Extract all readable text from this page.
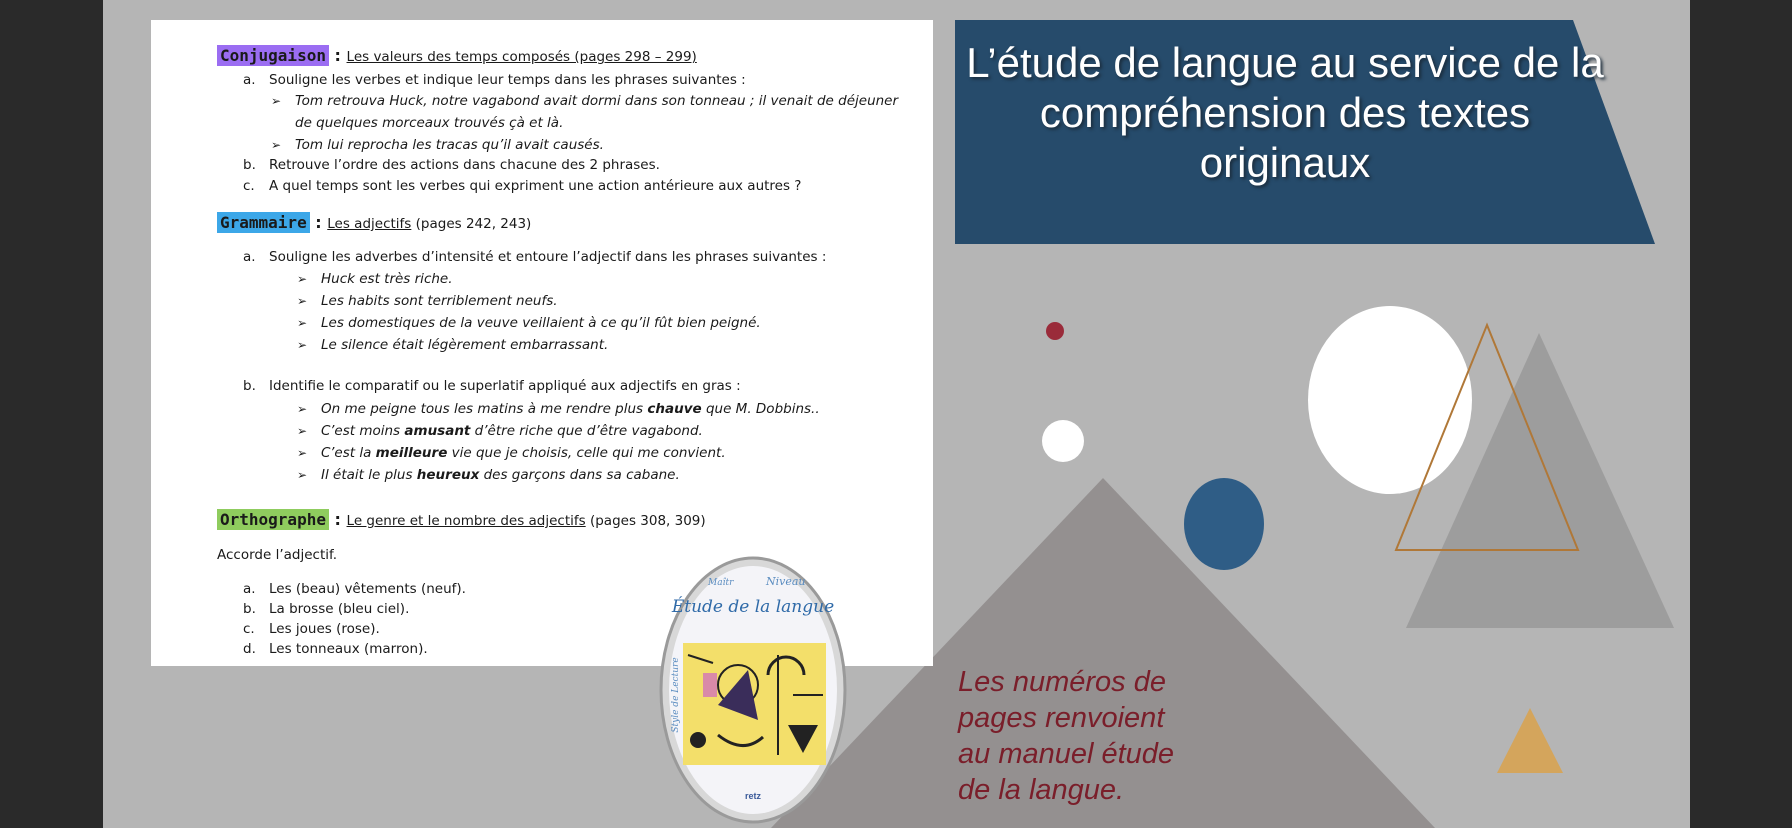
Conjugaison : Les valeurs des temps composés (pages 298 – 299)
a. Souligne les verbes et indique leur temps dans les phrases suivantes :
➢ Tom retrouva Huck, notre vagabond avait dormi dans son tonneau ; il venait de déjeuner
de quelques morceaux trouvés çà et là.
➢ Tom lui reprocha les tracas qu’il avait causés.
b. Retrouve l’ordre des actions dans chacune des 2 phrases.
c. A quel temps sont les verbes qui expriment une action antérieure aux autres ?
Grammaire : Les adjectifs (pages 242, 243)
a. Souligne les adverbes d’intensité et entoure l’adjectif dans les phrases suivantes :
➢ Huck est très riche.
➢ Les habits sont terriblement neufs.
➢ Les domestiques de la veuve veillaient à ce qu’il fût bien peigné.
➢ Le silence était légèrement embarrassant.
b. Identifie le comparatif ou le superlatif appliqué aux adjectifs en gras :
➢ On me peigne tous les matins à me rendre plus chauve que M. Dobbins..
➢ C’est moins amusant d’être riche que d’être vagabond.
➢ C’est la meilleure vie que je choisis, celle qui me convient.
➢ Il était le plus heureux des garçons dans sa cabane.
Orthographe : Le genre et le nombre des adjectifs (pages 308, 309)
Accorde l’adjectif.
a. Les (beau) vêtements (neuf).
b. La brosse (bleu ciel).
c. Les joues (rose).
d. Les tonneaux (marron).
L’étude de langue au service de la compréhension des textes originaux
Maîtr	Niveau
Étude de la langue
Style de Lecture
retz
Les numéros de pages renvoient au manuel étude de la langue.
